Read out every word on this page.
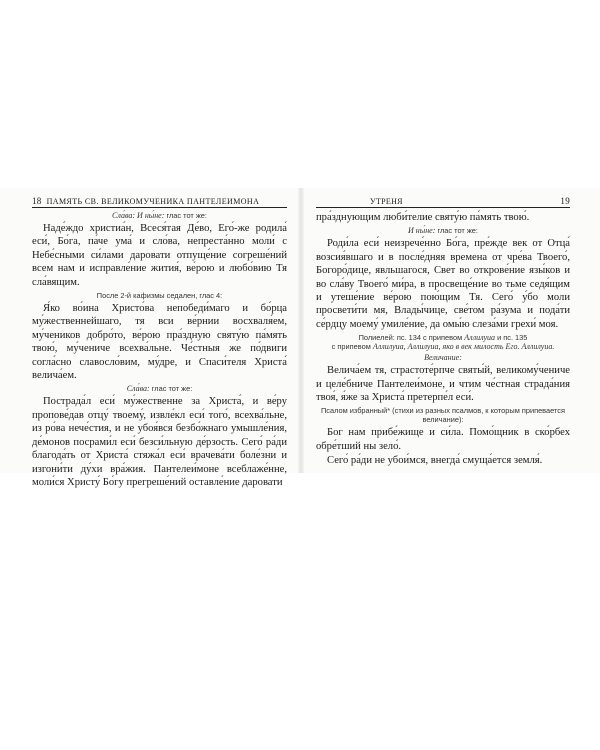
18 ПАМЯТЬ СВ. ВЕЛИКОМУЧЕНИКА ПАНТЕЛЕИМОНА
Сла́ва: И ны́не: глас тот же:

Наде́ждо христиа́н, Всеся́тая Де́во, Его́-же родила́ еси́, Бо́га, па́че ума́ и сло́ва, непреста́нно моли́ с Небе́сными си́лами даровати отпуще́ние согреше́ний всем нам и исправле́ние жития́, ве́рою и любо́вию Тя сла́вящим.

После 2-й кафизмы седален, глас 4:

Я́ко во́ина Христо́ва непобеди́маго и бо́рца му́жественнейшаго, тя вси ве́рнии восхваля́ем, му́чеников добро́то, ве́рою пра́здную святу́ю па́мять твою́, му́чениче всехва́льне. Че́стныя же по́двиги согла́сно славосло́вим, му́дре, и Спаси́теля Христа́ велича́ем.

Сла́ва: глас тот же:

Пострада́л еси́ му́жественне за Христа́, и ве́ру пропове́дав отцу́ твоему́, извле́кл еси́ того́, всехва́льне, из ро́ва нече́стия, и не убоя́вся безбо́жнаго умышле́ния, де́монов посрами́л еси́ безси́льную де́рзость. Сего́ ра́ди благода́ть от Христа́ стяжа́л еси́ врачева́ти боле́зни и изгони́ти ду́хи вра́жия. Пантелеи́моне всеблаже́нне, моли́ся Христу́ Бо́гу прегреше́ний оставле́ние даровати

УТРЕНЯ	19

пра́зднующим люби́телие святу́ю па́мять твою́.

И ны́не: глас тот же:

Роди́ла еси́ неизрече́нно Бо́га, пре́жде век от Отца́ возсия́вшаго и в после́дняя времена от чре́ва Твоего́, Богоро́дице, явльшагося, Свет во открове́ние язы́ков и во сла́ву Твоего́ ми́ра, в просвеще́ние во тьме седя́щим и утеше́ние ве́рою пою́щим Тя. Сего́ у́бо моли просвети́ти мя, Влады́чице, све́том ра́зума и пода́ти се́рдцу моему́ умиле́ние, да омы́ю слеза́ми грехи́ моя.

Полиелей: пс. 134 с припевом Аллилуиа и пс. 135
с припевом Аллилуиа, Аллилуиа, яко в век милость Его. Аллилуиа.
Величание:

Велича́ем тя, страстоте́рпче святы́й, великому́чениче и целе́бниче Пантелеи́моне, и чтим че́стная страда́ния твоя́, я́же за Христа́ претерпе́л еси́.

Псалом избранный* (стихи из разных псалмов, к которым припевается величание):

Бог нам прибе́жище и си́ла. Помо́щник в ско́рбех обре́тший ны зело́.

Сего́ ра́ди не убои́мся, внегда́ смуща́ется земля́.
